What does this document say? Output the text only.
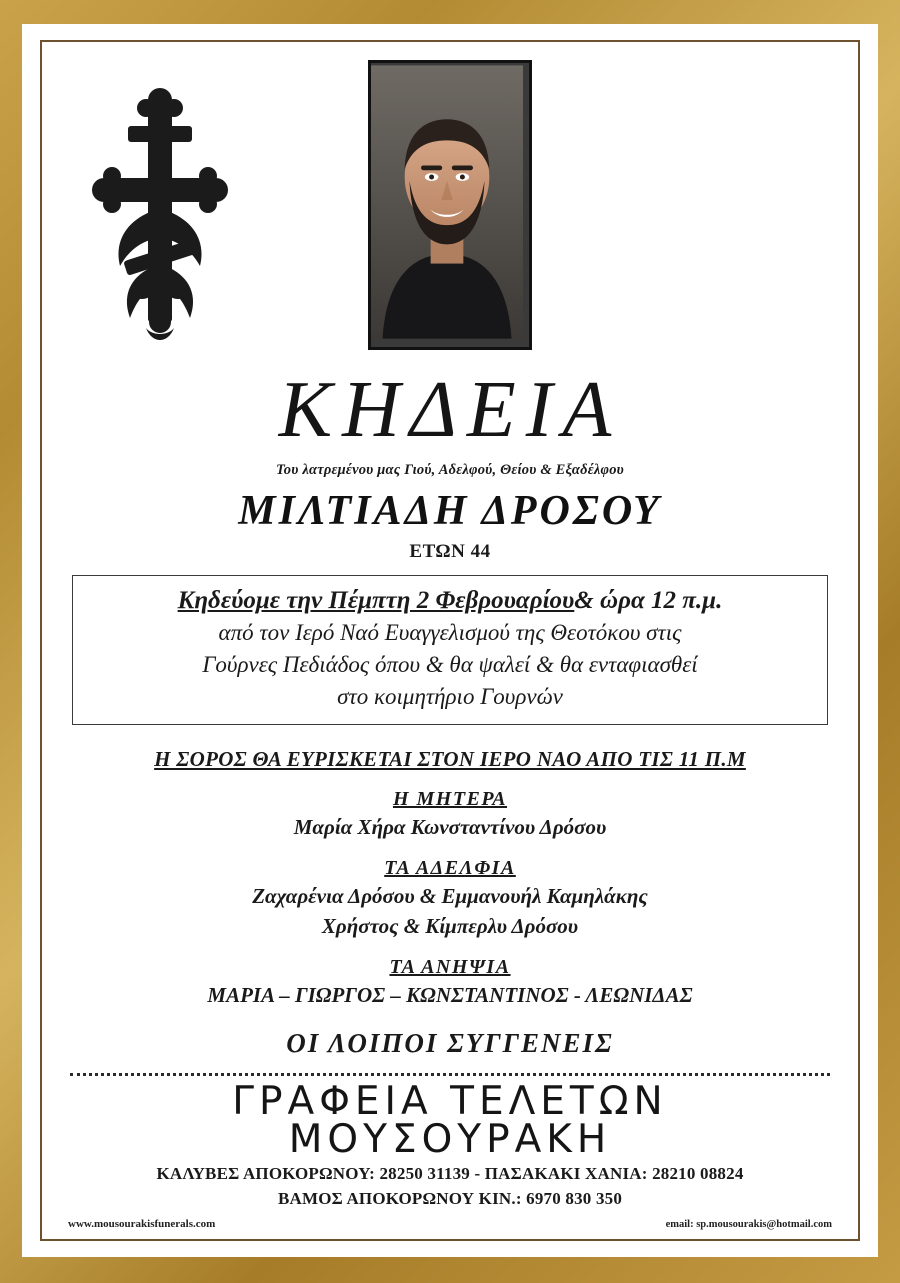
ΚΗΔΕΙΑ
Του λατρεμένου μας Γιού, Αδελφού, Θείου & Εξαδέλφου
ΜΙΛΤΙΑΔΗ ΔΡΟΣΟΥ
ΕΤΩΝ 44
Κηδεύομε την Πέμπτη 2 Φεβρουαρίου& ώρα 12 π.μ.
από τον Ιερό Ναό Ευαγγελισμού της Θεοτόκου στις
Γούρνες Πεδιάδος όπου & θα ψαλεί & θα ενταφιασθεί
στο κοιμητήριο Γουρνών
Η ΣΟΡΟΣ ΘΑ ΕΥΡΙΣΚΕΤΑΙ ΣΤΟΝ ΙΕΡΟ ΝΑΟ ΑΠΟ ΤΙΣ 11 Π.Μ
Η ΜΗΤΕΡΑ
Μαρία Χήρα Κωνσταντίνου Δρόσου
ΤΑ ΑΔΕΛΦΙΑ
Ζαχαρένια Δρόσου & Εμμανουήλ Καμηλάκης
Χρήστος & Κίμπερλυ Δρόσου
ΤΑ ΑΝΗΨΙΑ
ΜΑΡΙΑ – ΓΙΩΡΓΟΣ – ΚΩΝΣΤΑΝΤΙΝΟΣ - ΛΕΩΝΙΔΑΣ
ΟΙ ΛΟΙΠΟΙ ΣΥΓΓΕΝΕΙΣ
ΓΡΑΦΕΙΑ ΤΕΛΕΤΩΝ
ΜΟΥΣΟΥΡΑΚΗ
ΚΑΛΥΒΕΣ ΑΠΟΚΟΡΩΝΟΥ: 28250 31139 - ΠΑΣΑΚΑΚΙ ΧΑΝΙΑ: 28210 08824
ΒΑΜΟΣ ΑΠΟΚΟΡΩΝΟΥ ΚΙΝ.: 6970 830 350
www.mousourakisfunerals.com	email: sp.mousourakis@hotmail.com
